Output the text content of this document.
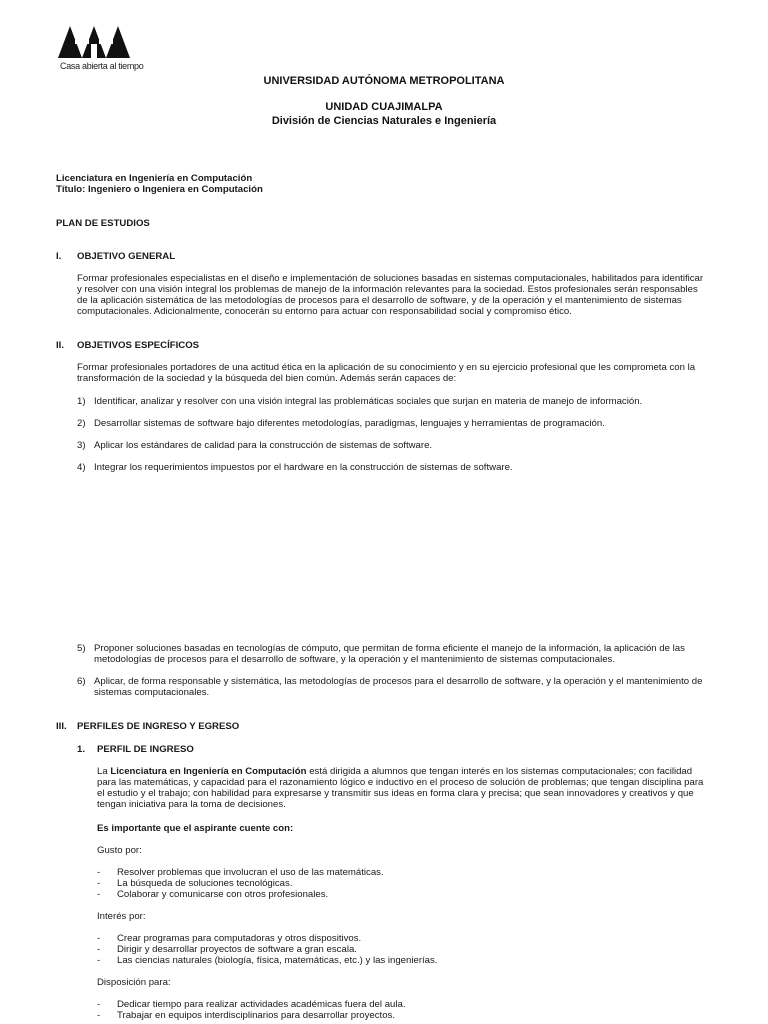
Casa abierta al tiempo
UNIVERSIDAD AUTÓNOMA METROPOLITANA
UNIDAD CUAJIMALPA
División de Ciencias Naturales e Ingeniería
Licenciatura en Ingeniería en Computación
Título: Ingeniero o Ingeniera en Computación
PLAN DE ESTUDIOS
I. OBJETIVO GENERAL
Formar profesionales especialistas en el diseño e implementación de soluciones basadas en sistemas computacionales, habilitados para identificar
y resolver con una visión integral los problemas de manejo de la información relevantes para la sociedad. Estos profesionales serán responsables
de la aplicación sistemática de las metodologías de procesos para el desarrollo de software, y de la operación y el mantenimiento de sistemas
computacionales. Adicionalmente, conocerán su entorno para actuar con responsabilidad social y compromiso ético.
II. OBJETIVOS ESPECÍFICOS
Formar profesionales portadores de una actitud ética en la aplicación de su conocimiento y en su ejercicio profesional que les comprometa con la
transformación de la sociedad y la búsqueda del bien común. Además serán capaces de:
1) Identificar, analizar y resolver con una visión integral las problemáticas sociales que surjan en materia de manejo de información.
2) Desarrollar sistemas de software bajo diferentes metodologías, paradigmas, lenguajes y herramientas de programación.
3) Aplicar los estándares de calidad para la construcción de sistemas de software.
4) Integrar los requerimientos impuestos por el hardware en la construcción de sistemas de software.
5) Proponer soluciones basadas en tecnologías de cómputo, que permitan de forma eficiente el manejo de la información, la aplicación de las
metodologías de procesos para el desarrollo de software, y la operación y el mantenimiento de sistemas computacionales.
6) Aplicar, de forma responsable y sistemática, las metodologías de procesos para el desarrollo de software, y la operación y el mantenimiento de
sistemas computacionales.
III. PERFILES DE INGRESO Y EGRESO
1. PERFIL DE INGRESO
La Licenciatura en Ingeniería en Computación está dirigida a alumnos que tengan interés en los sistemas computacionales; con facilidad
para las matemáticas, y capacidad para el razonamiento lógico e inductivo en el proceso de solución de problemas; que tengan disciplina para
el estudio y el trabajo; con habilidad para expresarse y transmitir sus ideas en forma clara y precisa; que sean innovadores y creativos y que
tengan iniciativa para la toma de decisiones.
Es importante que el aspirante cuente con:
Gusto por:
-	Resolver problemas que involucran el uso de las matemáticas.
-	La búsqueda de soluciones tecnológicas.
-	Colaborar y comunicarse con otros profesionales.
Interés por:
-	Crear programas para computadoras y otros dispositivos.
-	Dirigir y desarrollar proyectos de software a gran escala.
-	Las ciencias naturales (biología, física, matemáticas, etc.) y las ingenierías.
Disposición para:
-	Dedicar tiempo para realizar actividades académicas fuera del aula.
-	Trabajar en equipos interdisciplinarios para desarrollar proyectos.
